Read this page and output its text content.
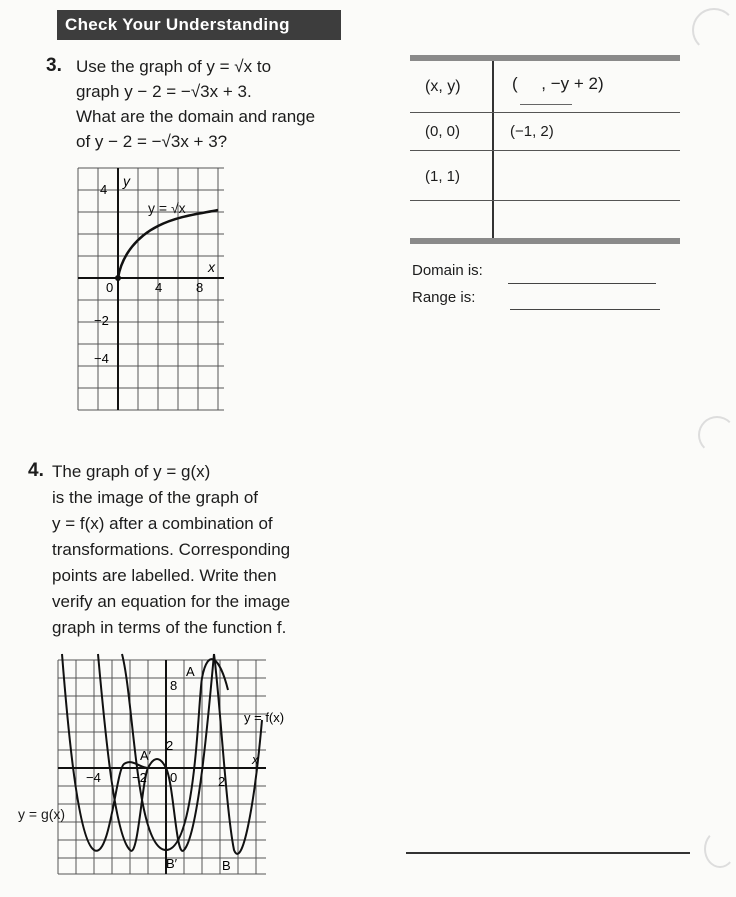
Check Your Understanding
3. Use the graph of y = √x to
graph y − 2 = −√3x + 3.
What are the domain and range
of y − 2 = −√3x + 3?
y
x
y = √x
4
0	4	8
−2
−4
(x, y)	(     , −y + 2)
(0, 0)	(−1, 2)
(1, 1)
Domain is:
Range is:
4. The graph of y = g(x)
is the image of the graph of
y = f(x) after a combination of
transformations. Corresponding
points are labelled. Write then
verify an equation for the image
graph in terms of the function f.
8
A
y = f(x)
2
A′	x
−4 −2 0	2
B′	B
y = g(x)
